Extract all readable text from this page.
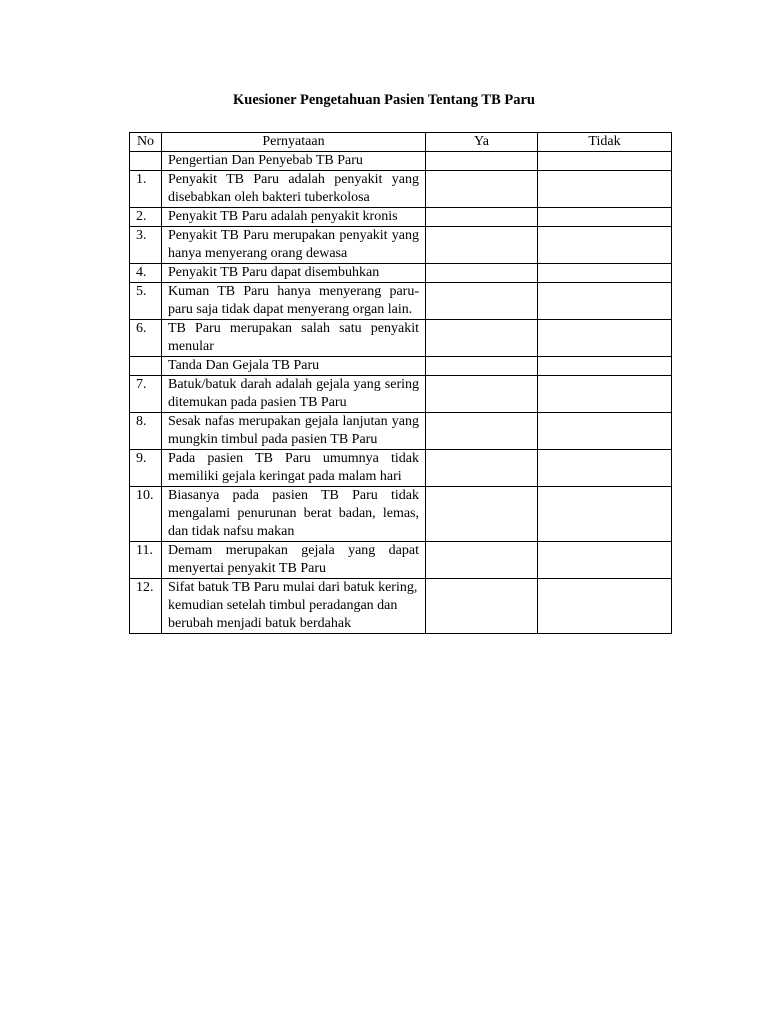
Kuesioner Pengetahuan Pasien Tentang TB Paru
No	Pernyataan	Ya	Tidak
	Pengertian Dan Penyebab TB Paru		
1.	Penyakit TB Paru adalah penyakit yang disebabkan oleh bakteri tuberkolosa		
2.	Penyakit TB Paru adalah penyakit kronis		
3.	Penyakit TB Paru merupakan penyakit yang hanya menyerang orang dewasa		
4.	Penyakit TB Paru dapat disembuhkan		
5.	Kuman TB Paru hanya menyerang paru-paru saja tidak dapat menyerang organ lain.		
6.	TB Paru merupakan salah satu penyakit menular		
	Tanda Dan Gejala TB Paru		
7.	Batuk/batuk darah adalah gejala yang sering ditemukan pada pasien TB Paru		
8.	Sesak nafas merupakan gejala lanjutan yang mungkin timbul pada pasien TB Paru		
9.	Pada pasien TB Paru umumnya tidak memiliki gejala keringat pada malam hari		
10.	Biasanya pada pasien TB Paru tidak mengalami penurunan berat badan, lemas, dan tidak nafsu makan		
11.	Demam merupakan gejala yang dapat menyertai penyakit TB Paru		
12.	Sifat batuk TB Paru mulai dari batuk kering, kemudian setelah timbul peradangan dan berubah menjadi batuk berdahak		
